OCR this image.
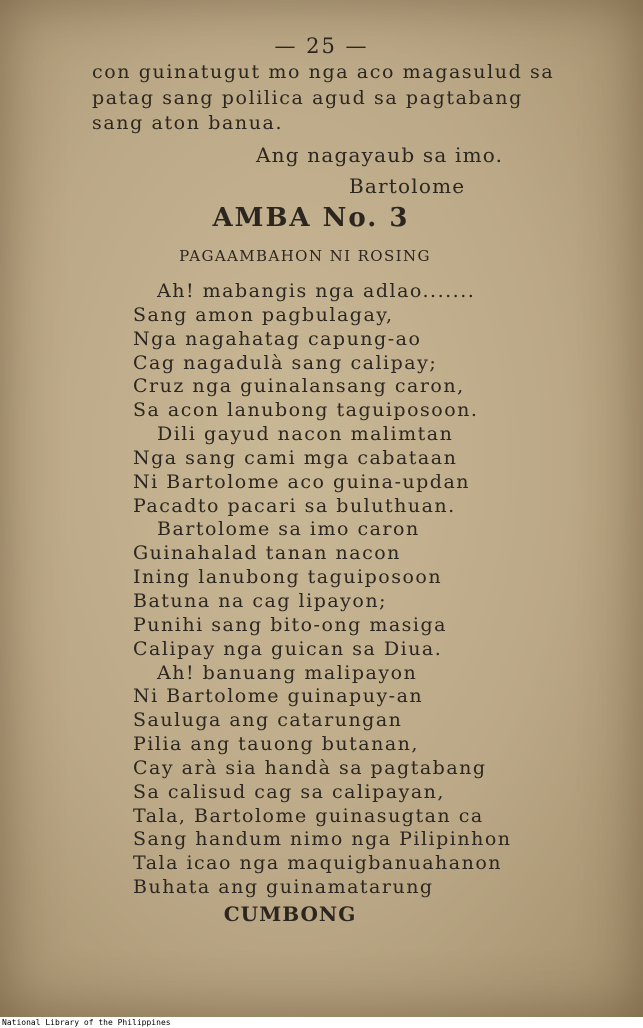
— 25 —
con guinatugut mo nga aco magasulud sa
patag sang polilica agud sa pagtabang
sang aton banua.
Ang nagayaub sa imo.
Bartolome
AMBA No. 3
PAGAAMBAHON NI ROSING
Ah! mabangis nga adlao.......
Sang amon pagbulagay,
Nga nagahatag capung-ao
Cag nagadulà sang calipay;
Cruz nga guinalansang caron,
Sa acon lanubong taguiposoon.
Dili gayud nacon malimtan
Nga sang cami mga cabataan
Ni Bartolome aco guina-updan
Pacadto pacari sa buluthuan.
Bartolome sa imo caron
Guinahalad tanan nacon
Ining lanubong taguiposoon
Batuna na cag lipayon;
Punihi sang bito-ong masiga
Calipay nga guican sa Diua.
Ah! banuang malipayon
Ni Bartolome guinapuy-an
Sauluga ang catarungan
Pilia ang tauong butanan,
Cay arà sia handà sa pagtabang
Sa calisud cag sa calipayan,
Tala, Bartolome guinasugtan ca
Sang handum nimo nga Pilipinhon
Tala icao nga maquigbanuahanon
Buhata ang guinamatarung
CUMBONG
National Library of the Philippines
